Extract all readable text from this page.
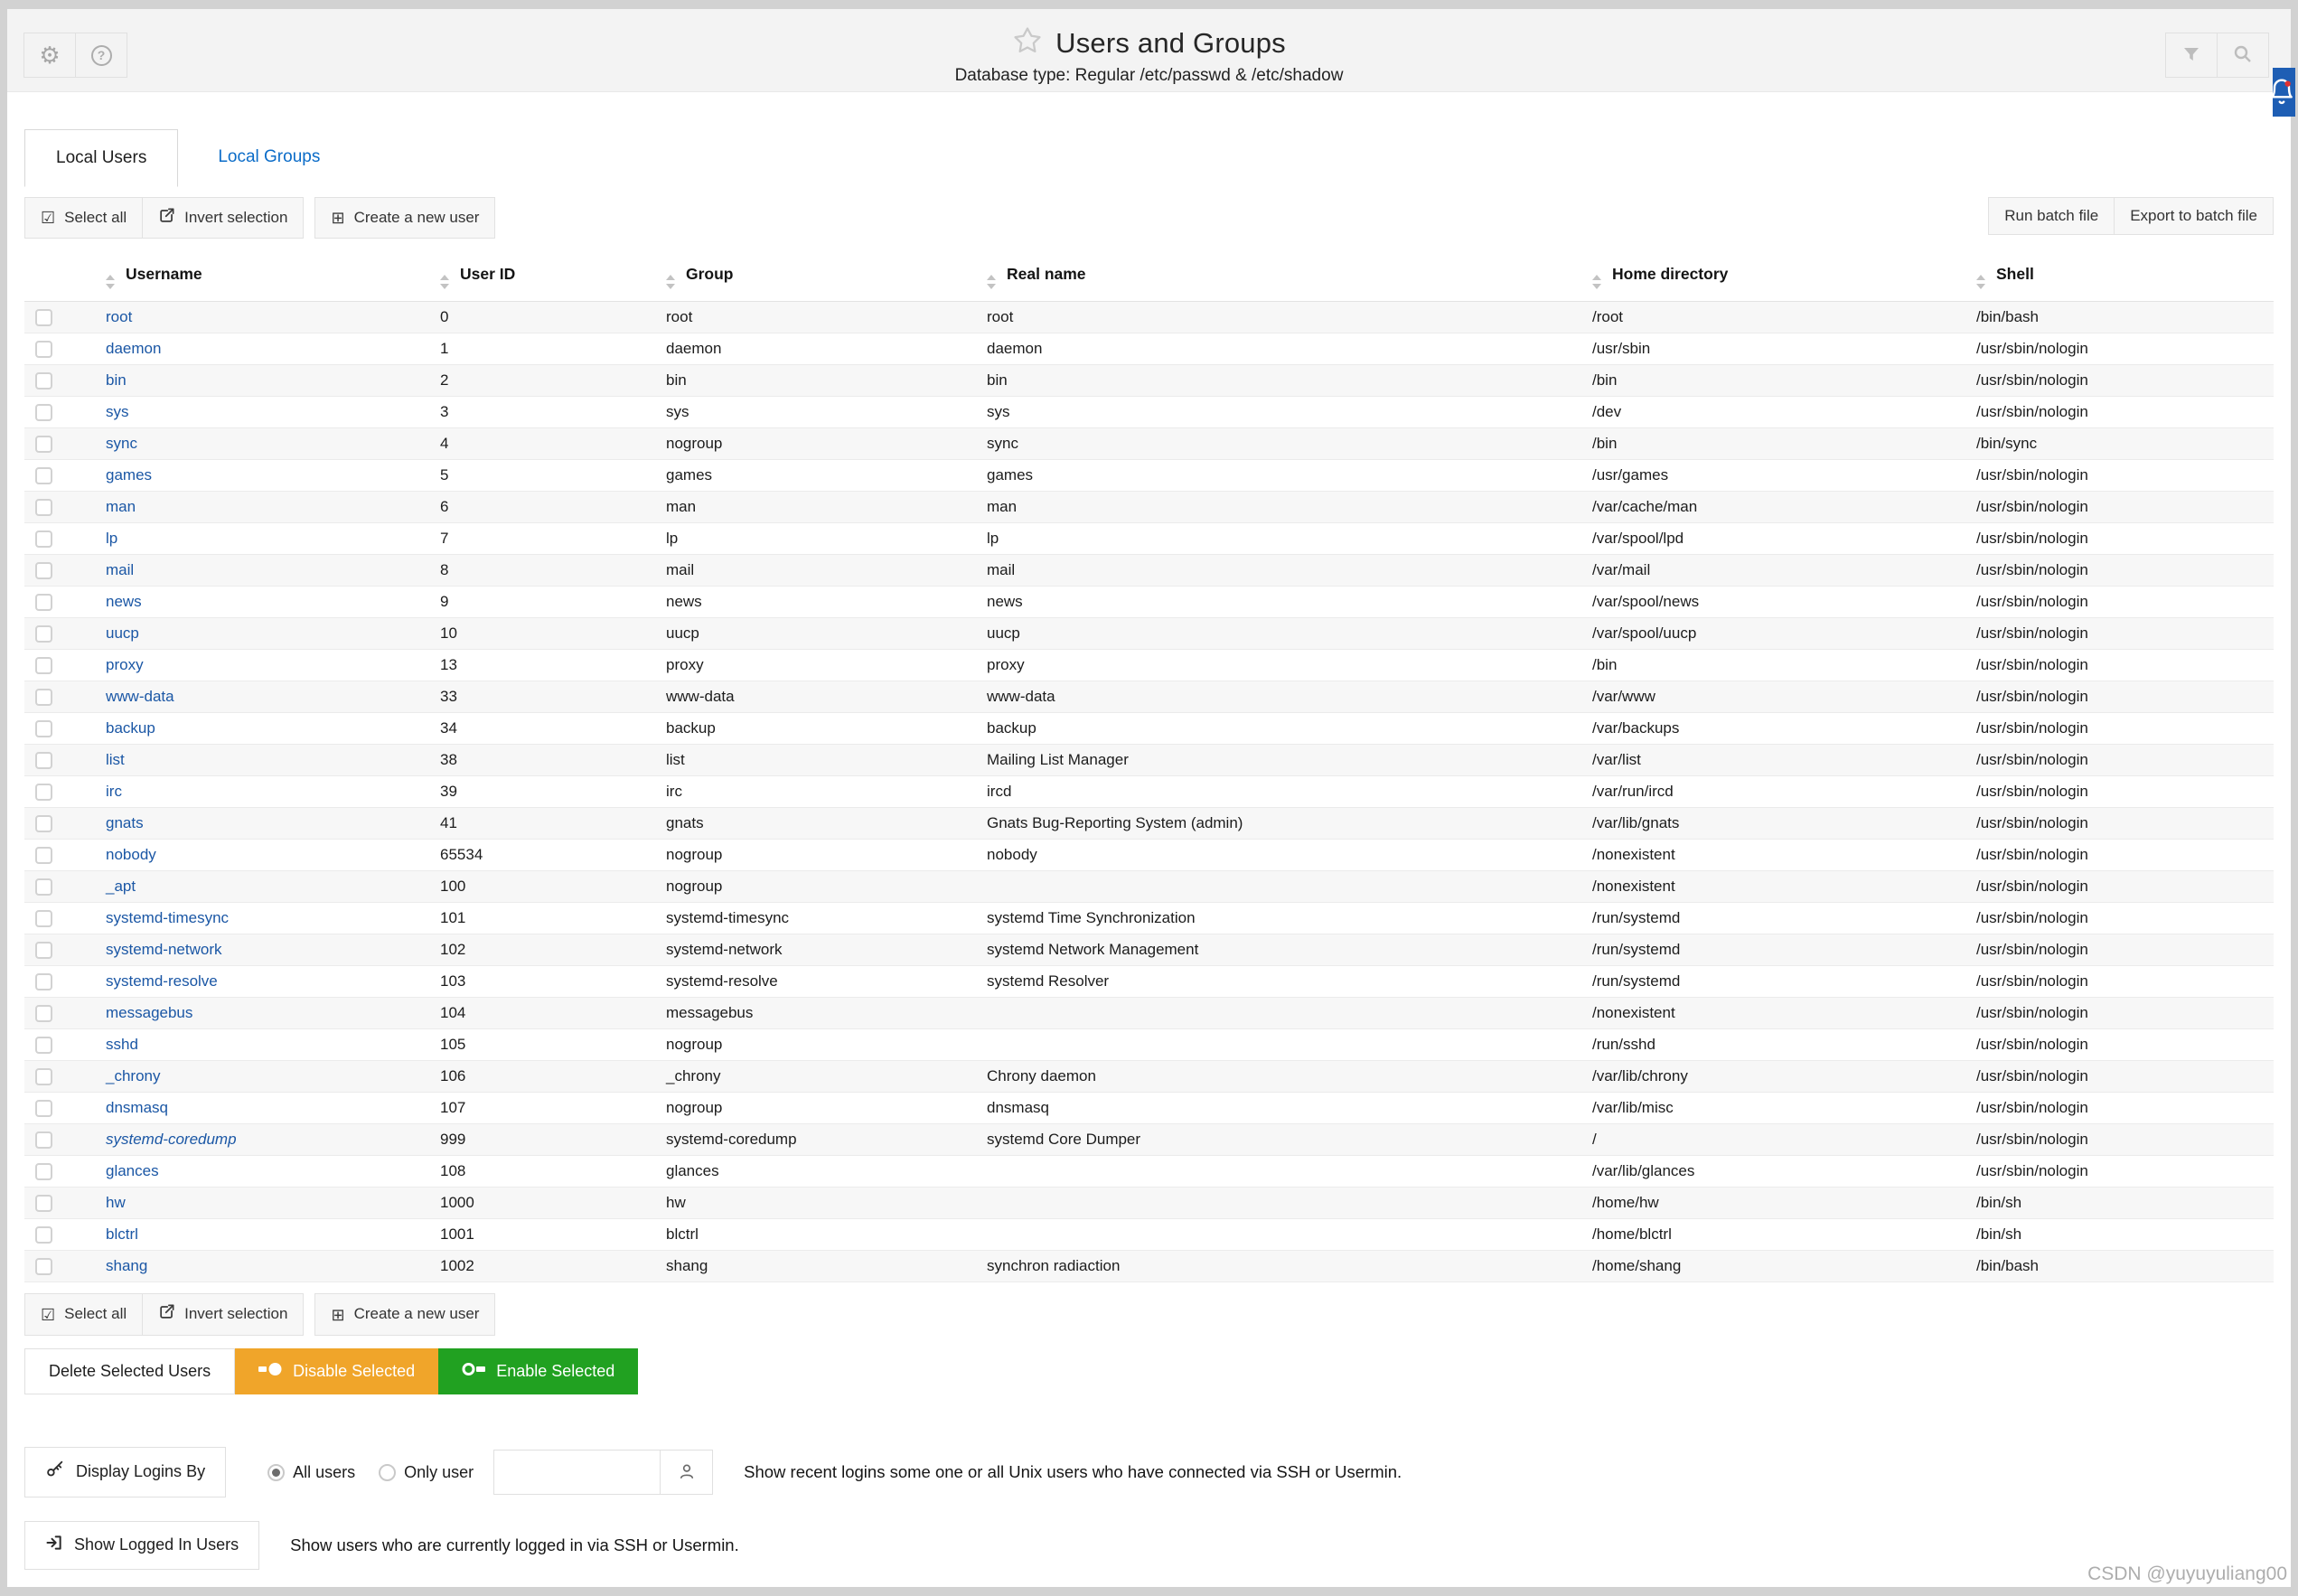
⚙	?	Users and Groups
Database type: Regular /etc/passwd & /etc/shadow
Local Users	Local Groups
☑ Select all	Invert selection	⊞ Create a new user	Run batch file	Export to batch file

Username	User ID	Group	Real name	Home directory	Shell
	root	0	root	root	/root	/bin/bash
	daemon	1	daemon	daemon	/usr/sbin	/usr/sbin/nologin
	bin	2	bin	bin	/bin	/usr/sbin/nologin
	sys	3	sys	sys	/dev	/usr/sbin/nologin
	sync	4	nogroup	sync	/bin	/bin/sync
	games	5	games	games	/usr/games	/usr/sbin/nologin
	man	6	man	man	/var/cache/man	/usr/sbin/nologin
	lp	7	lp	lp	/var/spool/lpd	/usr/sbin/nologin
	mail	8	mail	mail	/var/mail	/usr/sbin/nologin
	news	9	news	news	/var/spool/news	/usr/sbin/nologin
	uucp	10	uucp	uucp	/var/spool/uucp	/usr/sbin/nologin
	proxy	13	proxy	proxy	/bin	/usr/sbin/nologin
	www-data	33	www-data	www-data	/var/www	/usr/sbin/nologin
	backup	34	backup	backup	/var/backups	/usr/sbin/nologin
	list	38	list	Mailing List Manager	/var/list	/usr/sbin/nologin
	irc	39	irc	ircd	/var/run/ircd	/usr/sbin/nologin
	gnats	41	gnats	Gnats Bug-Reporting System (admin)	/var/lib/gnats	/usr/sbin/nologin
	nobody	65534	nogroup	nobody	/nonexistent	/usr/sbin/nologin
	_apt	100	nogroup		/nonexistent	/usr/sbin/nologin
	systemd-timesync	101	systemd-timesync	systemd Time Synchronization	/run/systemd	/usr/sbin/nologin
	systemd-network	102	systemd-network	systemd Network Management	/run/systemd	/usr/sbin/nologin
	systemd-resolve	103	systemd-resolve	systemd Resolver	/run/systemd	/usr/sbin/nologin
	messagebus	104	messagebus		/nonexistent	/usr/sbin/nologin
	sshd	105	nogroup		/run/sshd	/usr/sbin/nologin
	_chrony	106	_chrony	Chrony daemon	/var/lib/chrony	/usr/sbin/nologin
	dnsmasq	107	nogroup	dnsmasq	/var/lib/misc	/usr/sbin/nologin
	systemd-coredump	999	systemd-coredump	systemd Core Dumper	/	/usr/sbin/nologin
	glances	108	glances		/var/lib/glances	/usr/sbin/nologin
	hw	1000	hw		/home/hw	/bin/sh
	blctrl	1001	blctrl		/home/blctrl	/bin/sh
	shang	1002	shang	synchron radiaction	/home/shang	/bin/bash
☑ Select all	Invert selection	⊞ Create a new user
Delete Selected Users	Disable Selected	Enable Selected
Display Logins By	All users	Only user	Show recent logins some one or all Unix users who have connected via SSH or Usermin.
Show Logged In Users	Show users who are currently logged in via SSH or Usermin.
CSDN @yuyuyuliang00
